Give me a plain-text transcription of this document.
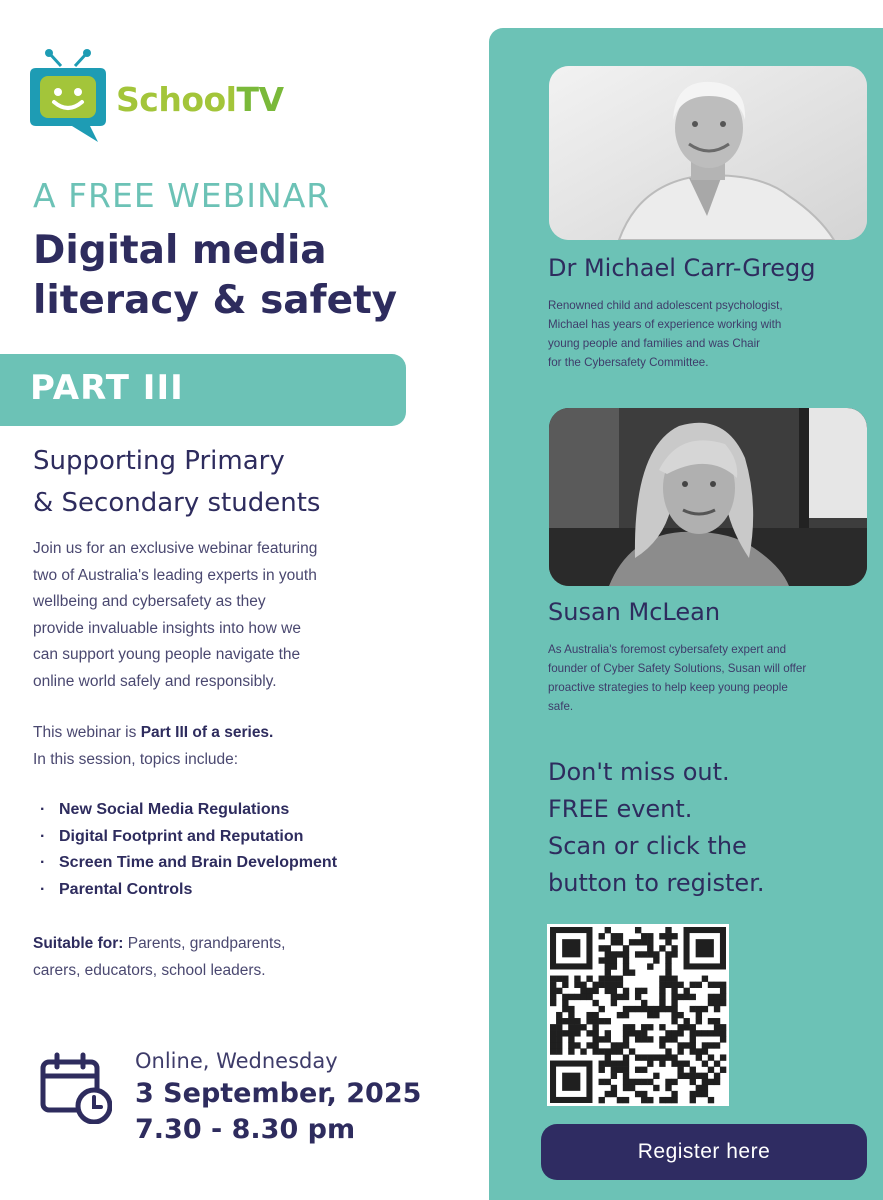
SchoolTV
A FREE WEBINAR
Digital media
literacy & safety
PART III
Supporting Primary
& Secondary students
Join us for an exclusive webinar featuring
two of Australia's leading experts in youth
wellbeing and cybersafety as they
provide invaluable insights into how we
can support young people navigate the
online world safely and responsibly.
This webinar is Part III of a series.
In this session, topics include:
· New Social Media Regulations
· Digital Footprint and Reputation
· Screen Time and Brain Development
· Parental Controls
Suitable for: Parents, grandparents,
carers, educators, school leaders.
Online, Wednesday
3 September, 2025
7.30 - 8.30 pm
Dr Michael Carr-Gregg
Renowned child and adolescent psychologist,
Michael has years of experience working with
young people and families and was Chair
for the Cybersafety Committee.
Susan McLean
As Australia's foremost cybersafety expert and
founder of Cyber Safety Solutions, Susan will offer
proactive strategies to help keep young people
safe.
Don't miss out.
FREE event.
Scan or click the
button to register.
Register here
